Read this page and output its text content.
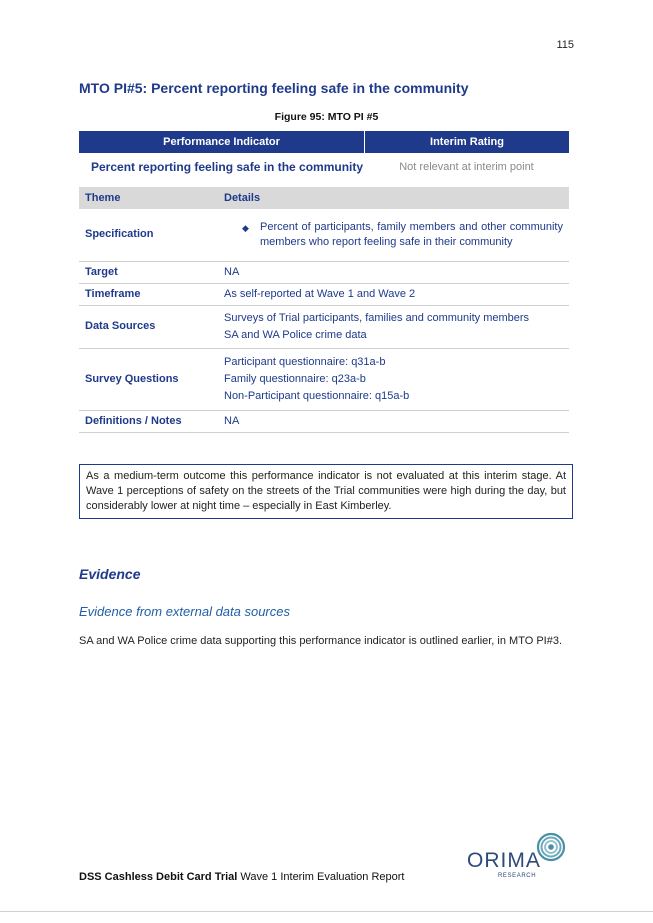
115
MTO PI#5: Percent reporting feeling safe in the community
Figure 95: MTO PI #5
Performance Indicator	Interim Rating
Percent reporting feeling safe in the community	Not relevant at interim point
Theme	Details
Specification	◆ Percent of participants, family members and other community members who report feeling safe in their community

Target	NA
Timeframe	As self-reported at Wave 1 and Wave 2
Data Sources	Surveys of Trial participants, families and community members
SA and WA Police crime data

Survey Questions	Participant questionnaire: q31a-b
Family questionnaire: q23a-b
Non-Participant questionnaire: q15a-b

Definitions / Notes	NA
As a medium-term outcome this performance indicator is not evaluated at this interim stage. At Wave 1 perceptions of safety on the streets of the Trial communities were high during the day, but considerably lower at night time – especially in East Kimberley.
Evidence
Evidence from external data sources

SA and WA Police crime data supporting this performance indicator is outlined earlier, in MTO PI#3.

ORIMA
RESEARCH
DSS Cashless Debit Card Trial Wave 1 Interim Evaluation Report
